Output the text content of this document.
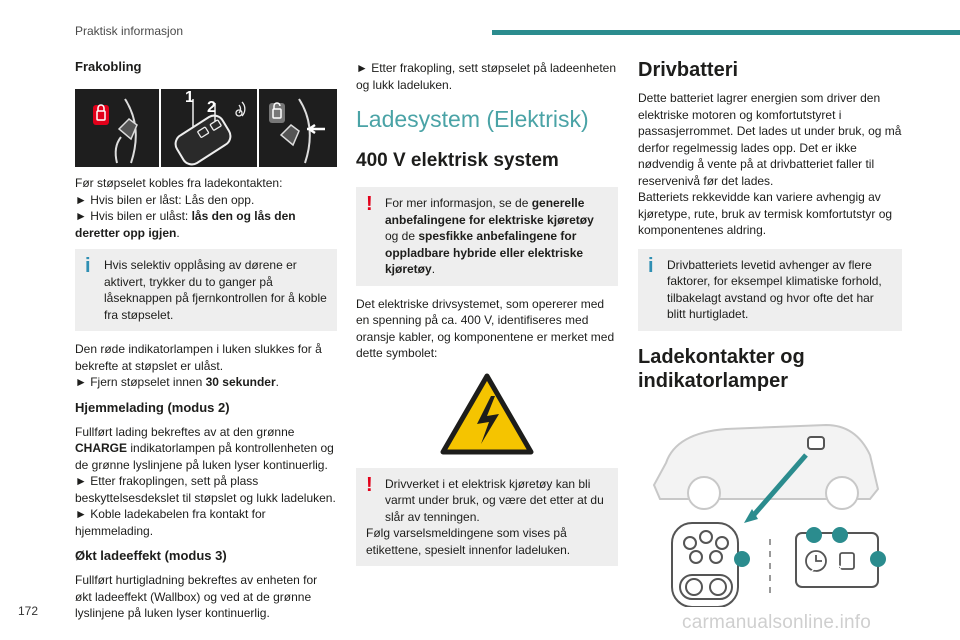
Praktisk informasjon
Frakobling
1
2

Før støpselet kobles fra ladekontakten:

► Hvis bilen er låst: Lås den opp.

► Hvis bilen er ulåst: lås den og lås den deretter opp igjen.

i	Hvis selektiv opplåsing av dørene er aktivert, trykker du to ganger på låseknappen på fjernkontrollen for å koble fra støpselet.

Den røde indikatorlampen i luken slukkes for å bekrefte at støpslet er ulåst.

► Fjern støpselet innen 30 sekunder.

Hjemmelading (modus 2)

Fullført lading bekreftes av at den grønne CHARGE indikatorlampen på kontrollenheten og de grønne lyslinjene på luken lyser kontinuerlig.

► Etter frakoplingen, sett på plass beskyttelsesdekslet til støpslet og lukk ladeluken.

► Koble ladekabelen fra kontakt for hjemmelading.

Økt ladeeffekt (modus 3)

Fullført hurtigladning bekreftes av enheten for økt ladeeffekt (Wallbox) og ved at de grønne lyslinjene på luken lyser kontinuerlig.

► Etter frakopling, sett støpselet på ladeenheten og lukk ladeluken.

Ladesystem (Elektrisk)
400 V elektrisk system
!	For mer informasjon, se de generelle anbefalingene for elektriske kjøretøy og de spesfikke anbefalingene for oppladbare hybride eller elektriske kjøretøy.

Det elektriske drivsystemet, som opererer med en spenning på ca. 400 V, identifiseres med oransje kabler, og komponentene er merket med dette symbolet:

!	Drivverket i et elektrisk kjøretøy kan bli varmt under bruk, og være det etter at du slår av tenningen.

Følg varselsmeldingene som vises på etikettene, spesielt innenfor ladeluken.

Drivbatteri

Dette batteriet lagrer energien som driver den elektriske motoren og komfortutstyret i passasjerrommet. Det lades ut under bruk, og må derfor regelmessig lades opp. Det er ikke nødvendig å vente på at drivbatteriet faller til reservenivå før det lades.

Batteriets rekkevidde kan variere avhengig av kjøretype, rute, bruk av termisk komfortutstyr og komponentenes aldring.

i	Drivbatteriets levetid avhenger av flere faktorer, for eksempel klimatiske forhold, tilbakelagt avstand og hvor ofte det har blitt hurtigladet.

Ladekontakter og indikatorlamper
1
2 3
4
172
carmanualsonline.info
